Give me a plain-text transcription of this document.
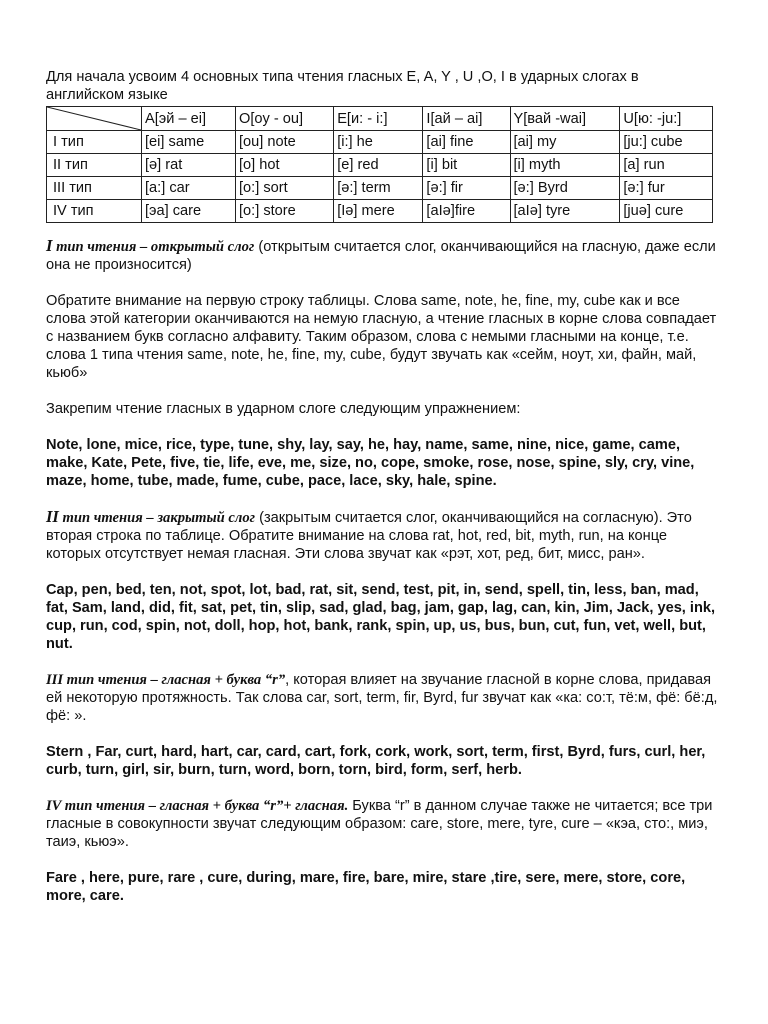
Для начала усвоим 4 основных типа чтения гласных E, A, Y , U ,O, I в ударных слогах в английском языке

	A[эй – ei]	O[oy - ou]	E[и: - i:]	I[ай – ai]	Y[вай -wai]	U[ю: -ju:]
I тип	[ei] same	[ou] note	[i:] he	[ai] fine	[ai] my	[ju:] cube
II тип	[ə] rat	[o] hot	[e] red	[i] bit	[i] myth	[a] run
III тип	[a:] car	[o:] sort	[ə:] term	[ə:] fir	[ə:] Byrd	[ə:] fur
IV тип	[эa] care	[o:] store	[Iə] mere	[aIə]fire	[aIə] tyre	[juə] cure

I тип чтения – открытый слог (открытым считается слог, оканчивающийся на гласную, даже если она не произносится)

Обратите внимание на первую строку таблицы. Слова same, note, he, fine, my, cube как и все слова этой категории оканчиваются на немую гласную, а чтение гласных в корне слова совпадает с названием букв согласно алфавиту. Таким образом, слова с немыми гласными на конце, т.е. слова 1 типа чтения same, note, he, fine, my, cube, будут звучать как «сейм, ноут, хи, файн, май, кьюб»

Закрепим чтение гласных в ударном слоге следующим упражнением:

Note, lone, mice, rice, type, tune, shy, lay, say, he, hay, name, same, nine, nice, game, came, make, Kate, Pete, five, tie, life, eve, me, size, no, cope, smoke, rose, nose, spine, sly, cry, vine, maze, home, tube, made, fume, cube, pace, lace, sky, hale, spine.

II тип чтения – закрытый слог (закрытым считается слог, оканчивающийся на согласную). Это вторая строка по таблице. Обратите внимание на слова rat, hot, red, bit, myth, run, на конце которых отсутствует немая гласная. Эти слова звучат как «рэт, хот, ред, бит, мисс, ран».

Cap, pen, bed, ten, not, spot, lot, bad, rat, sit, send, test, pit, in, send, spell, tin, less, ban, mad, fat, Sam, land, did, fit, sat, pet, tin, slip, sad, glad, bag, jam, gap, lag, can, kin, Jim, Jack, yes, ink, cup, run, cod, spin, not, doll, hop, hot, bank, rank, spin, up, us, bus, bun, cut, fun, vet, well, but, nut.

III тип чтения – гласная + буква “r”, которая влияет на звучание гласной в корне слова, придавая ей некоторую протяжность. Так слова car, sort, term, fir, Byrd, fur звучат как «ка: со:т, тё:м, фё: бё:д, фё: ».

Stern , Far, curt, hard, hart, car, card, cart, fork, cork, work, sort, term, first, Byrd, furs, curl, her, curb, turn, girl, sir, burn, turn, word, born, torn, bird, form, serf, herb.

IV тип чтения – гласная + буква “r”+ гласная. Буква “r” в данном случае также не читается; все три гласные в совокупности звучат следующим образом: care, store, mere, tyre, cure – «кэа, сто:, миэ, таиэ, кьюэ».

Fare , here, pure, rare , cure, during, mare, fire, bare, mire, stare ,tire, sere, mere, store, core, more, care.
